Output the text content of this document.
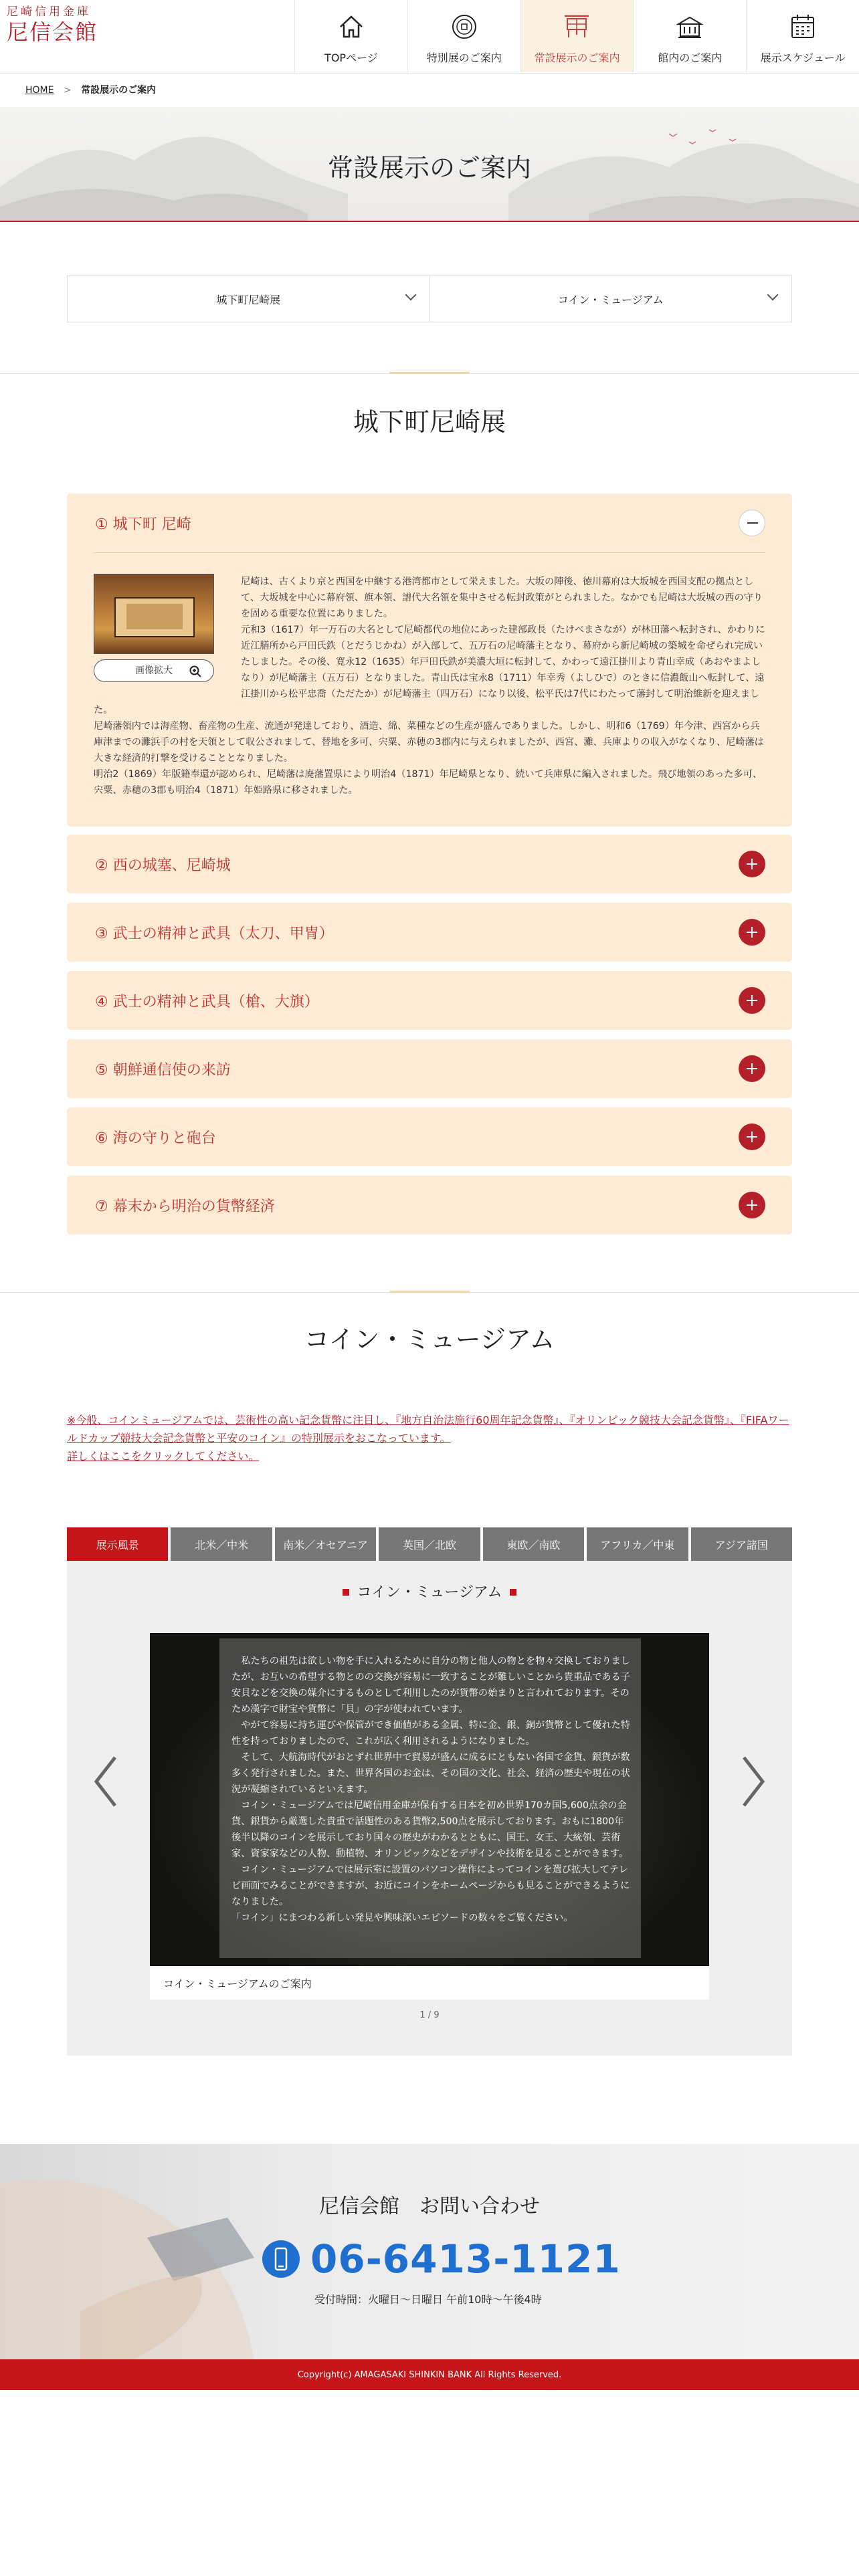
尼崎信用金庫
尼信会館
TOPページ	特別展のご案内	常設展示のご案内	館内のご案内	展示スケジュール
HOME > 常設展示のご案内
常設展示のご案内
城下町尼崎展	コイン・ミュージアム
城下町尼崎展
① 城下町 尼崎
画像拡大
尼崎は、古くより京と西国を中継する港湾都市として栄えました。大坂の陣後、徳川幕府は大坂城を西国支配の拠点として、大坂城を中心に幕府領、旗本領、譜代大名領を集中させる転封政策がとられました。なかでも尼崎は大坂城の西の守りを固める重要な位置にありました。
元和3（1617）年一万石の大名として尼崎都代の地位にあった建部政長（たけべまさなが）が林田藩へ転封され、かわりに近江膳所から戸田氏鉄（とだうじかね）が入部して、五万石の尼崎藩主となり、幕府から新尼崎城の築城を命ぜられ完成いたしました。その後、寛永12（1635）年戸田氏鉄が美濃大垣に転封して、かわって遠江掛川より青山幸成（あおやまよしなり）が尼崎藩主（五万石）となりました。青山氏は宝永8（1711）年幸秀（よしひで）のときに信濃飯山へ転封して、遠江掛川から松平忠喬（ただたか）が尼崎藩主（四万石）になり以後、松平氏は7代にわたって藩封して明治維新を迎えました。
尼崎藩領内では海産物、畜産物の生産、流通が発達しており、酒造、綿、菜種などの生産が盛んでありました。しかし、明和6（1769）年今津、西宮から兵庫津までの灘浜手の村を天領として収公されまして、替地を多可、宍粟、赤穂の3郡内に与えられましたが、西宮、灘、兵庫よりの収入がなくなり、尼崎藩は大きな経済的打撃を受けることとなりました。
明治2（1869）年版籍奉還が認められ、尼崎藩は廃藩置県により明治4（1871）年尼崎県となり、続いて兵庫県に編入されました。飛び地領のあった多可、宍粟、赤穂の3郡も明治4（1871）年姫路県に移されました。
② 西の城塞、尼崎城
③ 武士の精神と武具（太刀、甲冑）
④ 武士の精神と武具（槍、大旗）
⑤ 朝鮮通信使の来訪
⑥ 海の守りと砲台
⑦ 幕末から明治の貨幣経済
コイン・ミュージアム
※今般、コインミュージアムでは、芸術性の高い記念貨幣に注目し、『地方自治法施行60周年記念貨幣』、『オリンピック競技大会記念貨幣』、『FIFAワールドカップ競技大会記念貨幣と平安のコイン』の特別展示をおこなっています。
詳しくはここをクリックしてください。
展示風景	北米／中米	南米／オセアニア	英国／北欧	東欧／南欧	アフリカ／中東	アジア諸国
コイン・ミュージアム
　私たちの祖先は欲しい物を手に入れるために自分の物と他人の物とを物々交換しておりましたが、お互いの希望する物とのの交換が容易に一致することが難しいことから貴重品である子安貝などを交換の媒介にするものとして利用したのが貨幣の始まりと言われております。そのため漢字で財宝や貨幣に「貝」の字が使われています。
　やがて容易に持ち運びや保管ができ価値がある金属、特に金、銀、銅が貨幣として優れた特性を持っておりましたので、これが広く利用されるようになりました。
　そして、大航海時代がおとずれ世界中で貿易が盛んに成るにともない各国で金貨、銀貨が数多く発行されました。また、世界各国のお金は、その国の文化、社会、経済の歴史や現在の状況が凝縮されているといえます。
　コイン・ミュージアムでは尼崎信用金庫が保有する日本を初め世界170カ国5,600点余の金貨、銀貨から厳選した貴重で話題性のある貨幣2,500点を展示しております。おもに1800年後半以降のコインを展示しており国々の歴史がわかるとともに、国王、女王、大統領、芸術家、資家家などの人物、動植物、オリンピックなどをデザインや技術を見ることができます。
　コイン・ミュージアムでは展示室に設置のパソコン操作によってコインを選び拡大してテレビ画面でみることができますが、お近にコインをホームページからも見ることができるようになりました。
「コイン」にまつわる新しい発見や興味深いエピソードの数々をご覧ください。
コイン・ミュージアムのご案内
1 / 9
尼信会館　お問い合わせ
06-6413-1121
受付時間：火曜日〜日曜日 午前10時〜午後4時
Copyright(c) AMAGASAKI SHINKIN BANK All Rights Reserved.
